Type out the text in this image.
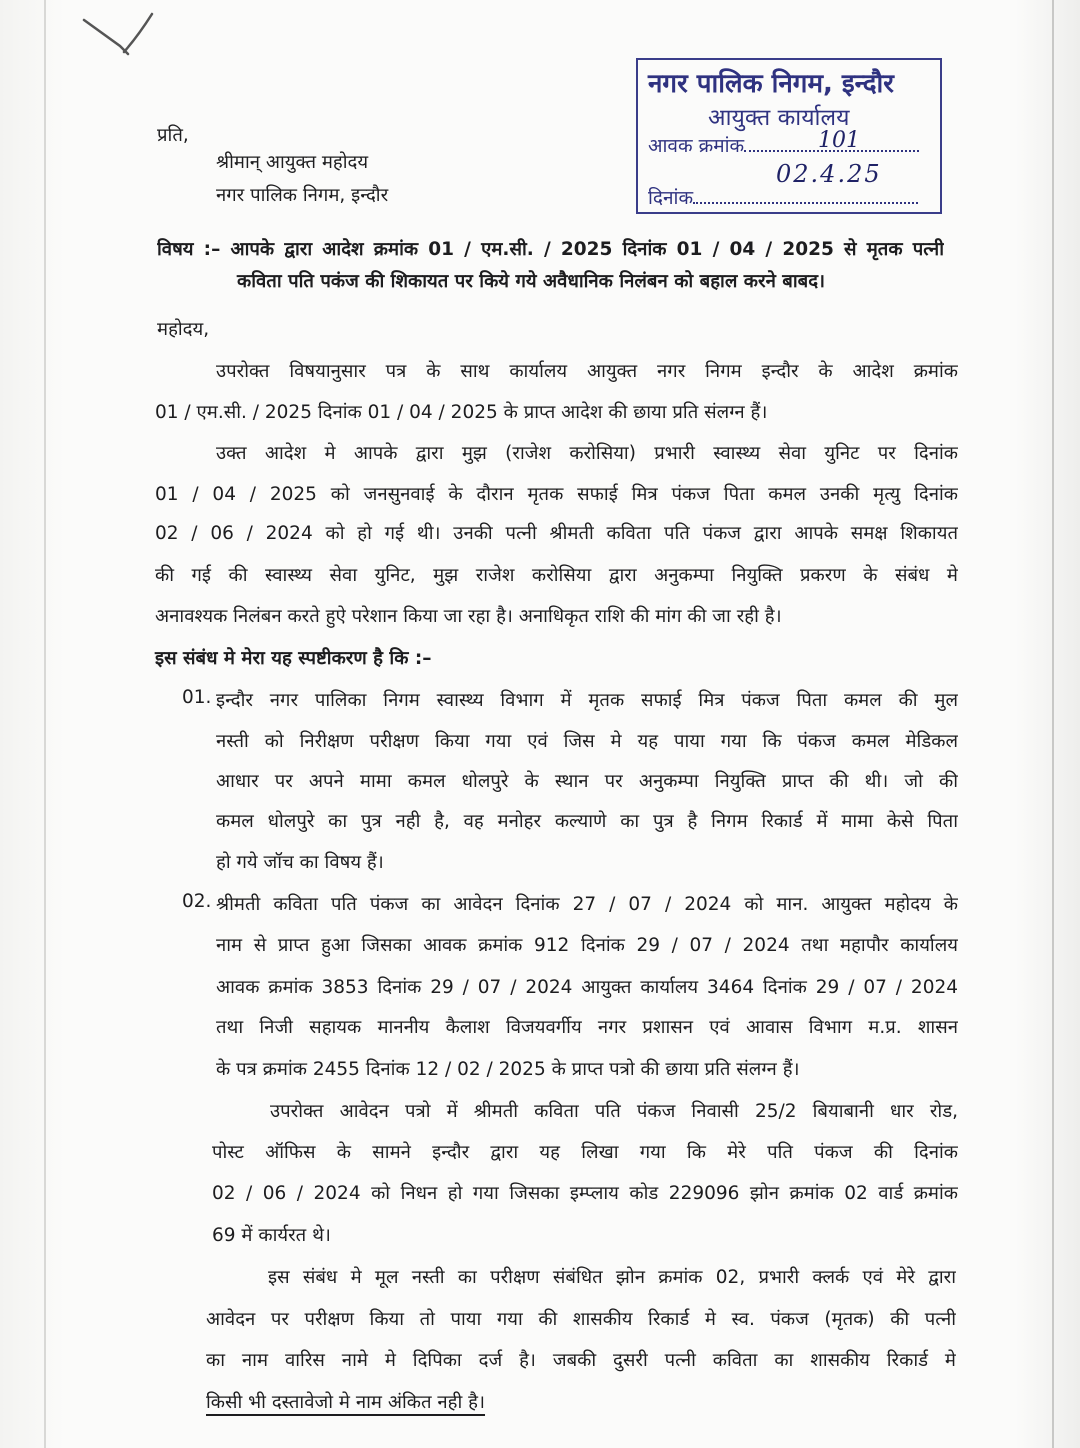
नगर पालिक निगम, इन्दौर
आयुक्त कार्यालय
आवक क्रमांक	101
02.4.25
दिनांक
प्रति,
श्रीमान् आयुक्त महोदय
नगर पालिक निगम, इन्दौर
विषय :– आपके द्वारा आदेश क्रमांक 01 / एम.सी. / 2025 दिनांक 01 / 04 / 2025 से मृतक पत्नी
कविता पति पकंज की शिकायत पर किये गये अवैधानिक निलंबन को बहाल करने बाबद।
महोदय,
उपरोक्त विषयानुसार पत्र के साथ कार्यालय आयुक्त नगर निगम इन्दौर के आदेश क्रमांक
01 / एम.सी. / 2025 दिनांक 01 / 04 / 2025 के प्राप्त आदेश की छाया प्रति संलग्न हैं।
उक्त आदेश मे आपके द्वारा मुझ (राजेश करोसिया) प्रभारी स्वास्थ्य सेवा युनिट पर दिनांक
01 / 04 / 2025 को जनसुनवाई के दौरान मृतक सफाई मित्र पंकज पिता कमल उनकी मृत्यु दिनांक
02 / 06 / 2024 को हो गई थी। उनकी पत्नी श्रीमती कविता पति पंकज द्वारा आपके समक्ष शिकायत
की गई की स्वास्थ्य सेवा युनिट, मुझ राजेश करोसिया द्वारा अनुकम्पा नियुक्ति प्रकरण के संबंध मे
अनावश्यक निलंबन करते हुऐ परेशान किया जा रहा है। अनाधिकृत राशि की मांग की जा रही है।
इस संबंध मे मेरा यह स्पष्टीकरण है कि :–
01. इन्दौर नगर पालिका निगम स्वास्थ्य विभाग में मृतक सफाई मित्र पंकज पिता कमल की मुल
नस्ती को निरीक्षण परीक्षण किया गया एवं जिस मे यह पाया गया कि पंकज कमल मेडिकल
आधार पर अपने मामा कमल धोलपुरे के स्थान पर अनुकम्पा नियुक्ति प्राप्त की थी। जो की
कमल धोलपुरे का पुत्र नही है, वह मनोहर कल्याणे का पुत्र है निगम रिकार्ड में मामा केसे पिता
हो गये जॉच का विषय हैं।
02. श्रीमती कविता पति पंकज का आवेदन दिनांक 27 / 07 / 2024 को मान. आयुक्त महोदय के
नाम से प्राप्त हुआ जिसका आवक क्रमांक 912 दिनांक 29 / 07 / 2024 तथा महापौर कार्यालय
आवक क्रमांक 3853 दिनांक 29 / 07 / 2024 आयुक्त कार्यालय 3464 दिनांक 29 / 07 / 2024
तथा निजी सहायक माननीय कैलाश विजयवर्गीय नगर प्रशासन एवं आवास विभाग म.प्र. शासन
के पत्र क्रमांक 2455 दिनांक 12 / 02 / 2025 के प्राप्त पत्रो की छाया प्रति संलग्न हैं।
उपरोक्त आवेदन पत्रो में श्रीमती कविता पति पंकज निवासी 25/2 बियाबानी धार रोड,
पोस्ट ऑफिस के सामने इन्दौर द्वारा यह लिखा गया कि मेरे पति पंकज की दिनांक
02 / 06 / 2024 को निधन हो गया जिसका इम्प्लाय कोड 229096 झोन क्रमांक 02 वार्ड क्रमांक
69 में कार्यरत थे।
इस संबंध मे मूल नस्ती का परीक्षण संबंधित झोन क्रमांक 02, प्रभारी क्लर्क एवं मेरे द्वारा
आवेदन पर परीक्षण किया तो पाया गया की शासकीय रिकार्ड मे स्व. पंकज (मृतक) की पत्नी
का नाम वारिस नामे मे दिपिका दर्ज है। जबकी दुसरी पत्नी कविता का शासकीय रिकार्ड मे
किसी भी दस्तावेजो मे नाम अंकित नही है।
